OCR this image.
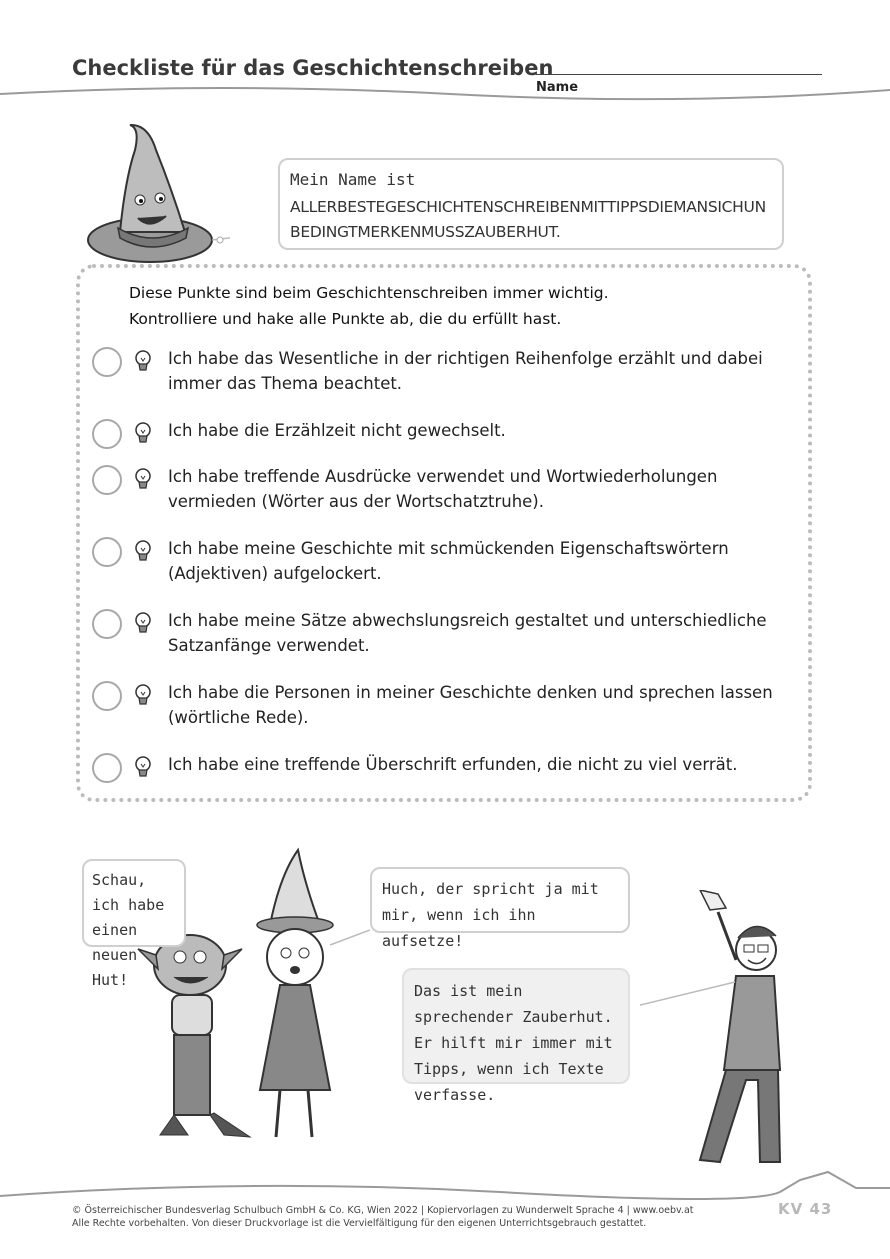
Checkliste für das Geschichtenschreiben
Name
Mein Name ist
ALLERBESTEGESCHICHTENSCHREIBENMITTIPPSDIEMANSICHUNBEDINGTMERKENMUSSZAUBERHUT.
Diese Punkte sind beim Geschichtenschreiben immer wichtig.
Kontrolliere und hake alle Punkte ab, die du erfüllt hast.
Ich habe das Wesentliche in der richtigen Reihenfolge erzählt und dabei immer das Thema beachtet.
Ich habe die Erzählzeit nicht gewechselt.
Ich habe treffende Ausdrücke verwendet und Wortwiederholungen vermieden (Wörter aus der Wortschatztruhe).
Ich habe meine Geschichte mit schmückenden Eigenschaftswörtern (Adjektiven) aufgelockert.
Ich habe meine Sätze abwechslungsreich gestaltet und unterschiedliche Satzanfänge verwendet.
Ich habe die Personen in meiner Geschichte denken und sprechen lassen (wörtliche Rede).
Ich habe eine treffende Überschrift erfunden, die nicht zu viel verrät.
Schau, ich habe einen neuen Hut!
Huch, der spricht ja mit mir, wenn ich ihn aufsetze!
Das ist mein sprechender Zauberhut. Er hilft mir immer mit Tipps, wenn ich Texte verfasse.
© Österreichischer Bundesverlag Schulbuch GmbH & Co. KG, Wien 2022 | Kopiervorlagen zu Wunderwelt Sprache 4 | www.oebv.at
Alle Rechte vorbehalten. Von dieser Druckvorlage ist die Vervielfältigung für den eigenen Unterrichtsgebrauch gestattet.
KV 43
